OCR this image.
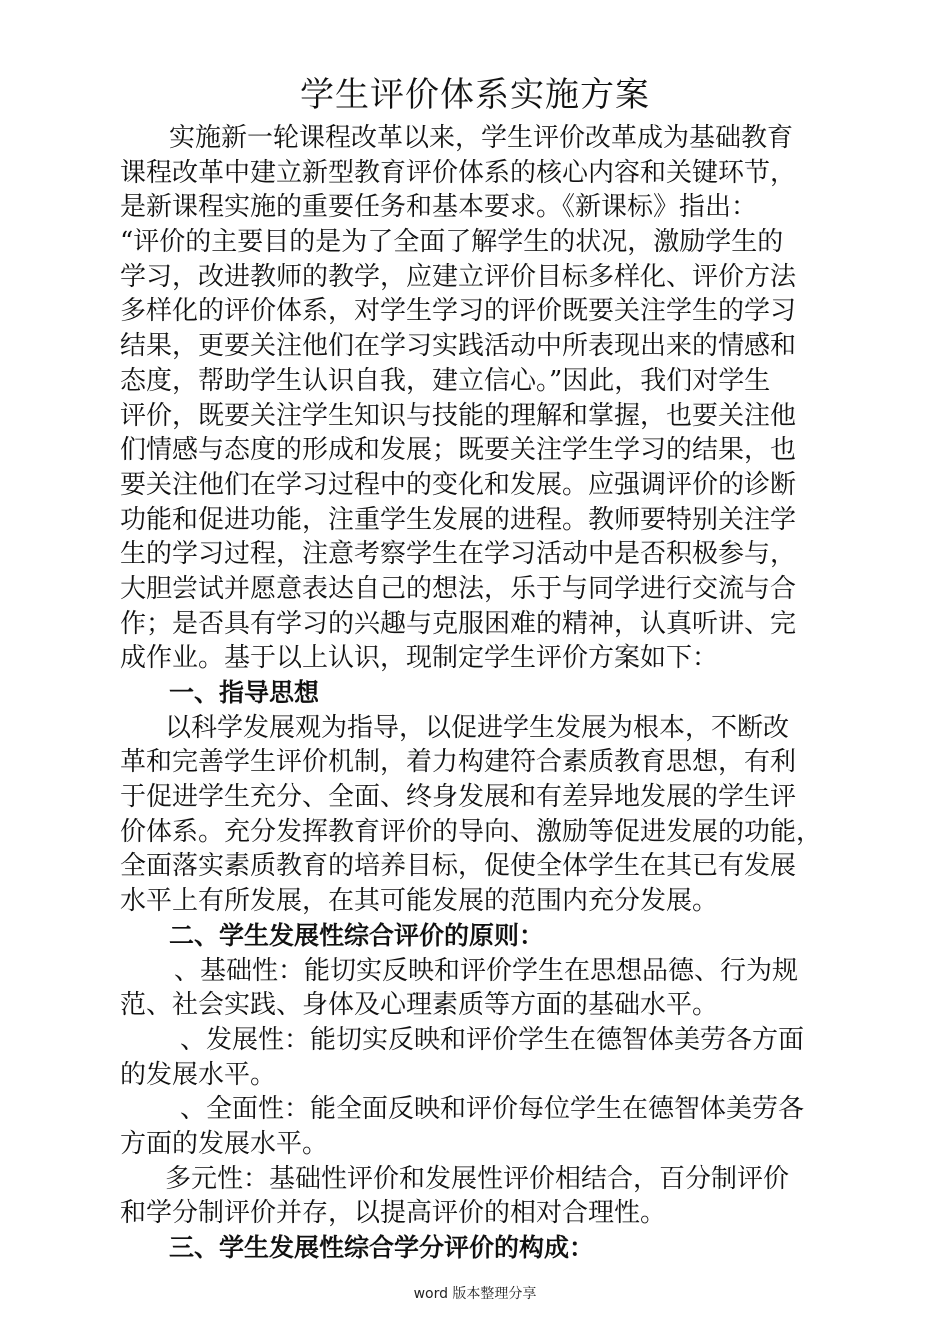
学生评价体系实施方案
实施新一轮课程改革以来，学生评价改革成为基础教育
课程改革中建立新型教育评价体系的核心内容和关键环节，
是新课程实施的重要任务和基本要求。《新课标》指出：
“评价的主要目的是为了全面了解学生的状况，激励学生的
学习，改进教师的教学，应建立评价目标多样化、评价方法
多样化的评价体系，对学生学习的评价既要关注学生的学习
结果，更要关注他们在学习实践活动中所表现出来的情感和
态度，帮助学生认识自我，建立信心。”因此，我们对学生
评价，既要关注学生知识与技能的理解和掌握，也要关注他
们情感与态度的形成和发展；既要关注学生学习的结果，也
要关注他们在学习过程中的变化和发展。应强调评价的诊断
功能和促进功能，注重学生发展的进程。教师要特别关注学
生的学习过程，注意考察学生在学习活动中是否积极参与，
大胆尝试并愿意表达自己的想法，乐于与同学进行交流与合
作；是否具有学习的兴趣与克服困难的精神，认真听讲、完
成作业。基于以上认识，现制定学生评价方案如下：
一、指导思想
以科学发展观为指导，以促进学生发展为根本，不断改
革和完善学生评价机制，着力构建符合素质教育思想，有利
于促进学生充分、全面、终身发展和有差异地发展的学生评
价体系。充分发挥教育评价的导向、激励等促进发展的功能，
全面落实素质教育的培养目标，促使全体学生在其已有发展
水平上有所发展，在其可能发展的范围内充分发展。
二、学生发展性综合评价的原则：
、基础性：能切实反映和评价学生在思想品德、行为规
范、社会实践、身体及心理素质等方面的基础水平。
、发展性：能切实反映和评价学生在德智体美劳各方面
的发展水平。
、全面性：能全面反映和评价每位学生在德智体美劳各
方面的发展水平。
多元性：基础性评价和发展性评价相结合，百分制评价
和学分制评价并存，以提高评价的相对合理性。
三、学生发展性综合学分评价的构成：
word 版本整理分享
